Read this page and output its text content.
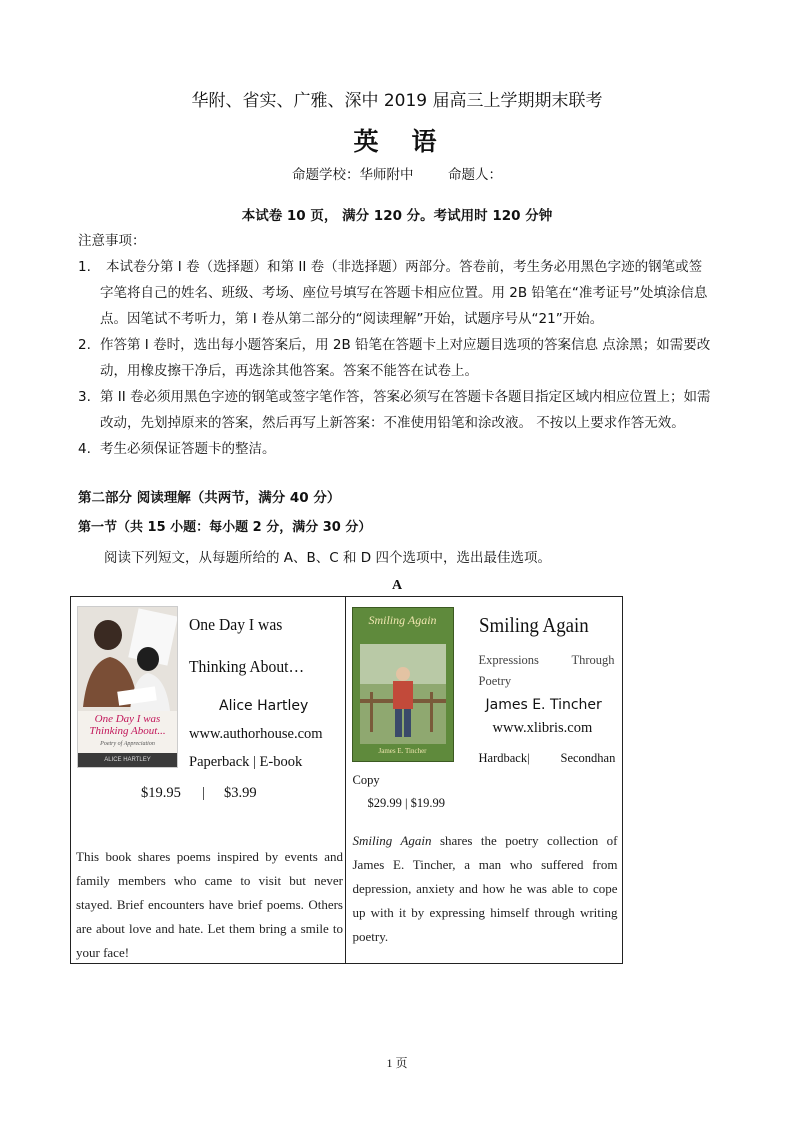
华附、省实、广雅、深中 2019 届高三上学期期末联考
英　语
命题学校：华师附中	命题人：
本试卷 10 页， 满分 120 分。考试用时 120 分钟
注意事项：
1.	本试卷分第 I 卷（选择题）和第 II 卷（非选择题）两部分。答卷前，考生务必用黑色字迹的钢笔或签
字笔将自己的姓名、班级、考场、座位号填写在答题卡相应位置。用 2B 铅笔在“准考证号”处填涂信息
点。因笔试不考听力，第 I 卷从第二部分的“阅读理解”开始，试题序号从“21”开始。
2. 作答第 I 卷时，选出每小题答案后，用 2B 铅笔在答题卡上对应题目选项的答案信息 点涂黑；如需要改
动，用橡皮擦干净后，再选涂其他答案。答案不能答在试卷上。
3. 第 II 卷必须用黑色字迹的钢笔或签字笔作答，答案必须写在答题卡各题目指定区域内相应位置上；如需
改动，先划掉原来的答案，然后再写上新答案：不准使用铅笔和涂改液。 不按以上要求作答无效。
4. 考生必须保证答题卡的整洁。
第二部分 阅读理解（共两节，满分 40 分）
第一节（共 15 小题：每小题 2 分，满分 30 分）
阅读下列短文，从每题所给的 A、B、C 和 D 四个选项中，选出最佳选项。
A
One Day I was Thinking About...
Poetry of Appreciation
ALICE HARTLEY
One Day I was
Thinking About…
Alice Hartley
www.authorhouse.com
Paperback | E-book
$19.95 | $3.99
This book shares poems inspired by events and family members who came to visit but never stayed. Brief encounters have brief poems. Others are about love and hate. Let them bring a smile to your face!

Smiling Again
James E. Tincher
Smiling Again
Expressions	Through
Poetry
James E. Tincher
www.xlibris.com
Hardback| Secondhan
Copy
$29.99 | $19.99
Smiling Again shares the poetry collection of James E. Tincher, a man who suffered from depression, anxiety and how he was able to cope up with it by expressing himself through writing poetry.
1 页
